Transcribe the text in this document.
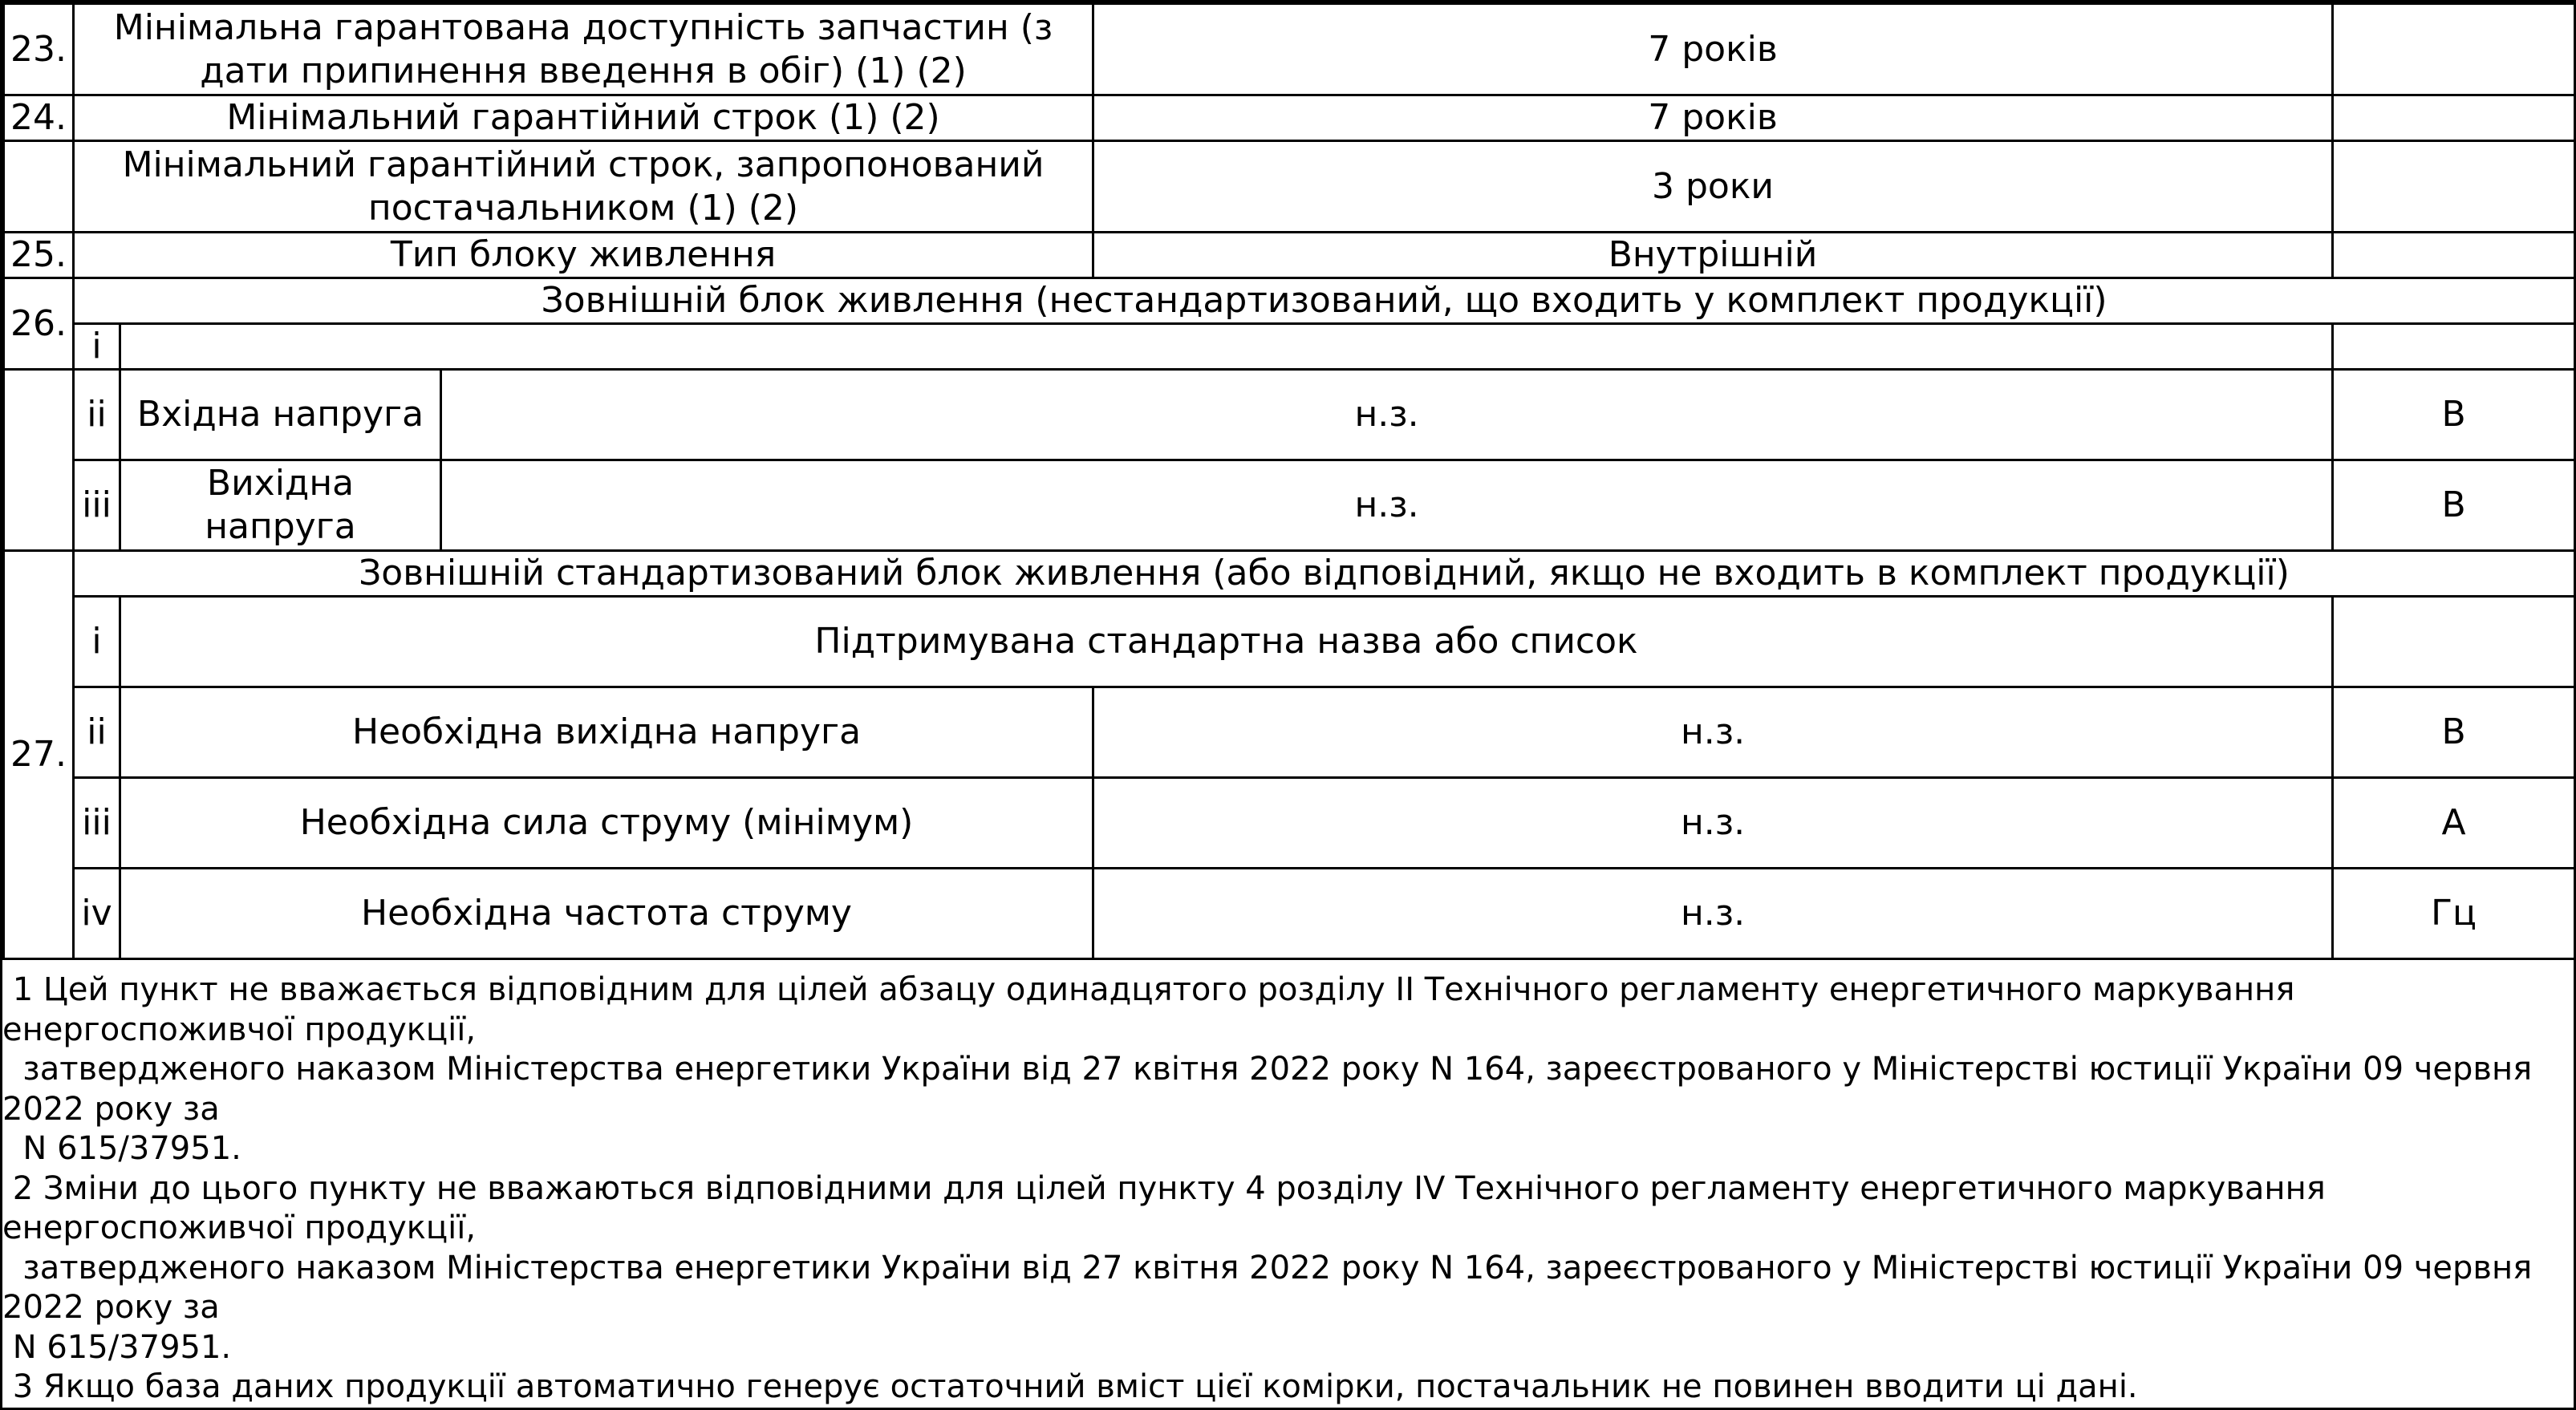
23.	Мінімальна гарантована доступність запчастин (з
дати припинення введення в обіг) (1) (2)			7 років	
24.	Мінімальний гарантійний строк (1) (2)			7 років	

	Мінімальний гарантійний строк, запропонований
постачальником (1) (2)			3 роки	
25.	Тип блоку живлення			Внутрішній	
26.	Зовнішній блок живлення (нестандартизований, що входить у комплект продукції)				
	i				
	ii	Вхідна напруга	н.з.		В
	iii	Вихідна
напруга	н.з.		В
27.	Зовнішній стандартизований блок живлення (або відповідний, якщо не входить в комплект продукції)				
	i	Підтримувана стандартна назва або список			
	ii	Необхідна вихідна напруга		н.з.	В
	iii	Необхідна сила струму (мінімум)		н.з.	А
	iv	Необхідна частота струму		н.з.	Гц
1 Цей пункт не вважається відповідним для цілей абзацу одинадцятого розділу II Технічного регламенту енергетичного маркування
енергоспоживчої продукції,
затвердженого наказом Міністерства енергетики України від 27 квітня 2022 року N 164, зареєстрованого у Міністерстві юстиції України 09 червня
2022 року за
N 615/37951.
2 Зміни до цього пункту не вважаються відповідними для цілей пункту 4 розділу IV Технічного регламенту енергетичного маркування
енергоспоживчої продукції,
затвердженого наказом Міністерства енергетики України від 27 квітня 2022 року N 164, зареєстрованого у Міністерстві юстиції України 09 червня
2022 року за
N 615/37951.
3 Якщо база даних продукції автоматично генерує остаточний вміст цієї комірки, постачальник не повинен вводити ці дані.
